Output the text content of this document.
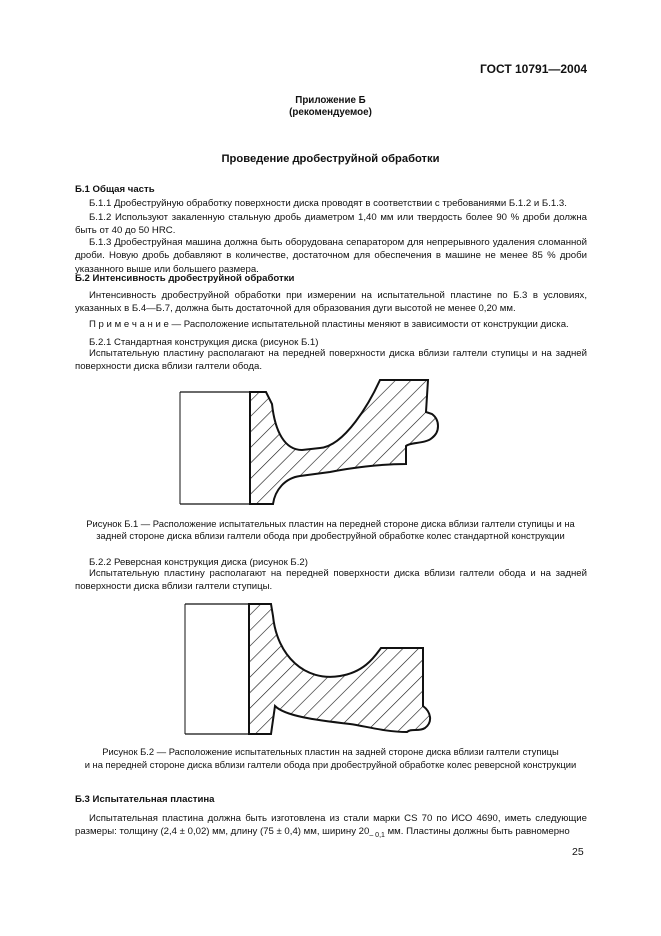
ГОСТ 10791—2004
Приложение Б
(рекомендуемое)
Проведение дробеструйной обработки
Б.1 Общая часть
Б.1.1 Дробеструйную обработку поверхности диска проводят в соответствии с требованиями Б.1.2 и Б.1.3.
Б.1.2 Используют закаленную стальную дробь диаметром 1,40 мм или твердость более 90 % дроби должна быть от 40 до 50 HRC.
Б.1.3 Дробеструйная машина должна быть оборудована сепаратором для непрерывного удаления сломанной дроби. Новую дробь добавляют в количестве, достаточном для обеспечения в машине не менее 85 % дроби указанного выше или большего размера.
Б.2 Интенсивность дробеструйной обработки
Интенсивность дробеструйной обработки при измерении на испытательной пластине по Б.3 в условиях, указанных в Б.4—Б.7, должна быть достаточной для образования дуги высотой не менее 0,20 мм.
П р и м е ч а н и е — Расположение испытательной пластины меняют в зависимости от конструкции диска.
Б.2.1 Стандартная конструкция диска (рисунок Б.1)
Испытательную пластину располагают на передней поверхности диска вблизи галтели ступицы и на задней поверхности диска вблизи галтели обода.
Рисунок Б.1 — Расположение испытательных пластин на передней стороне диска вблизи галтели ступицы и на
задней стороне диска вблизи галтели обода при дробеструйной обработке колес стандартной конструкции
Б.2.2 Реверсная конструкция диска (рисунок Б.2)
Испытательную пластину располагают на передней поверхности диска вблизи галтели обода и на задней поверхности диска вблизи галтели ступицы.
Рисунок Б.2 — Расположение испытательных пластин на задней стороне диска вблизи галтели ступицы
и на передней стороне диска вблизи галтели обода при дробеструйной обработке колес реверсной конструкции
Б.3 Испытательная пластина
Испытательная пластина должна быть изготовлена из стали марки CS 70 по ИСО 4690, иметь следующие размеры: толщину (2,4 ± 0,02) мм, длину (75 ± 0,4) мм, ширину $20_{- 0,1}$ мм. Пластины должны быть равномерно
25
